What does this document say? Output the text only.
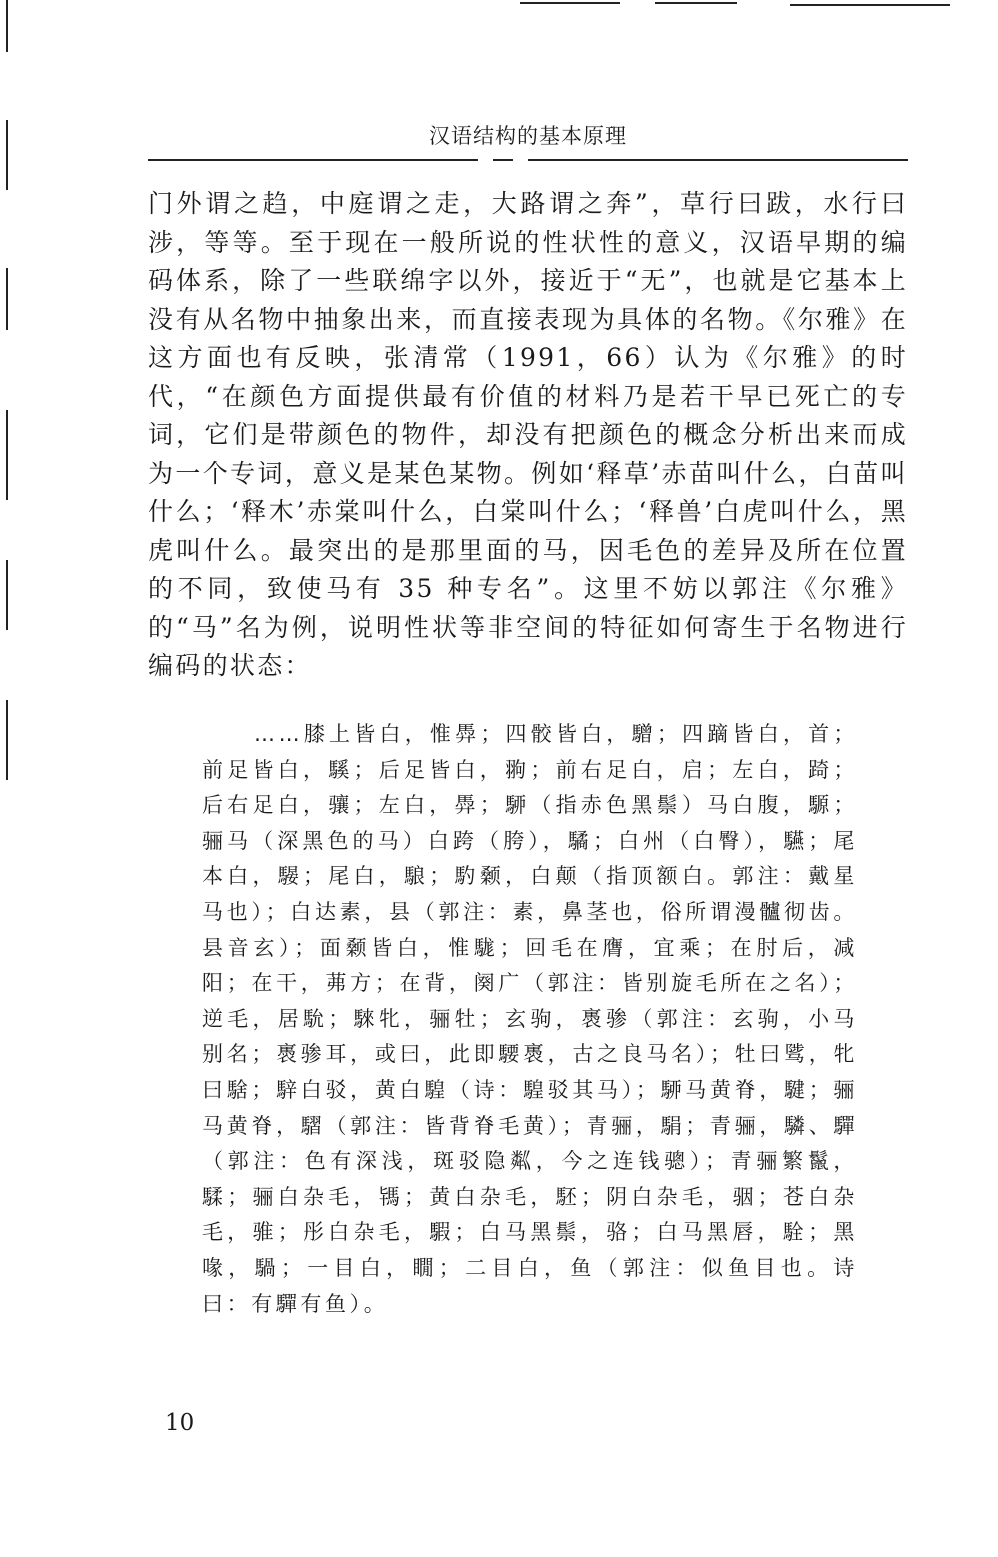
汉语结构的基本原理

门外谓之趋，中庭谓之走，大路谓之奔”，草行曰跋，水行曰涉，等等。至于现在一般所说的性状性的意义，汉语早期的编码体系，除了一些联绵字以外，接近于“无”，也就是它基本上没有从名物中抽象出来，而直接表现为具体的名物。《尔雅》在这方面也有反映，张清常（1991，66）认为《尔雅》的时代，“在颜色方面提供最有价值的材料乃是若干早已死亡的专词，它们是带颜色的物件，却没有把颜色的概念分析出来而成为一个专词，意义是某色某物。例如‘释草’赤苗叫什么，白苗叫什么；‘释木’赤棠叫什么，白棠叫什么；‘释兽’白虎叫什么，黑虎叫什么。最突出的是那里面的马，因毛色的差异及所在位置的不同，致使马有 35 种专名”。这里不妨以郭注《尔雅》的“马”名为例，说明性状等非空间的特征如何寄生于名物进行编码的状态：

……膝上皆白，惟馵；四骹皆白，驓；四蹢皆白，首；前足皆白，騱；后足皆白，翑；前右足白，启；左白，踦；后右足白，骧；左白，馵；駵（指赤色黑鬃）马白腹，騵；骊马（深黑色的马）白跨（胯），驈；白州（白臀），驠；尾本白，騴；尾白，駺；馰颡，白颠（指顶额白。郭注：戴星马也）；白达素，县（郭注：素，鼻茎也，俗所谓漫髗彻齿。县音玄）；面颡皆白，惟駹；回毛在膺，宜乘；在肘后，减阳；在干，茀方；在背，阕广（郭注：皆别旋毛所在之名）；逆毛，居馻；騋牝，骊牡；玄驹，褭骖（郭注：玄驹，小马别名；褭骖耳，或曰，此即騕褭，古之良马名）；牡曰骘，牝曰騇；騂白驳，黄白騜（诗：騜驳其马）；駵马黄脊，騝；骊马黄脊，騽（郭注：皆背脊毛黄）；青骊，駽；青骊，驎、驒（郭注：色有深浅，斑驳隐粼，今之连钱骢）；青骊繁鬣，騥；骊白杂毛，駂；黄白杂毛，駓；阴白杂毛，骃；苍白杂毛，骓；彤白杂毛，騢；白马黑鬃，骆；白马黑唇，駩；黑喙，騧；一目白，瞯；二目白，鱼（郭注：似鱼目也。诗曰：有驒有鱼）。

10
